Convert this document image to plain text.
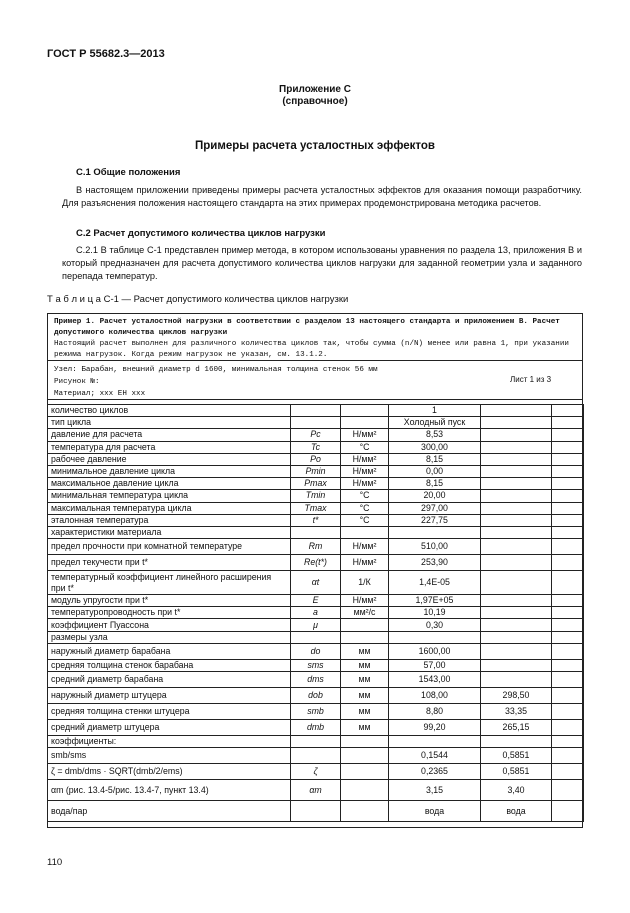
ГОСТ Р 55682.3—2013
Приложение С
(справочное)
Примеры расчета усталостных эффектов
С.1 Общие положения
В настоящем приложении приведены примеры расчета усталостных эффектов для оказания помощи разработчику. Для разъяснения положения настоящего стандарта на этих примерах продемонстрирована методика расчетов.
С.2 Расчет допустимого количества циклов нагрузки
С.2.1 В таблице С-1 представлен пример метода, в котором использованы уравнения по раздела 13, приложения В и который предназначен для расчета допустимого количества циклов нагрузки для заданной геометрии узла и заданного перепада температур.
Т а б л и ц а С-1 — Расчет допустимого количества циклов нагрузки
Пример 1. Расчет усталостной нагрузки в соответствии с разделом 13 настоящего стандарта и приложением В. Расчет допустимого количества циклов нагрузки
Настоящий расчет выполнен для различного количества циклов так, чтобы сумма (n/N) менее или равна 1, при указании режима нагрузок. Когда режим нагрузок не указан, см. 13.1.2.
Узел: Барабан, внешний диаметр d 1600, минимальная толщина стенок 56 мм
Рисунок №:
Материал; ххх ЕН ххх
Лист 1 из 3
количество циклов			1		
тип цикла			Холодный пуск		
давление для расчета	Pc	Н/мм²	8,53		
температура для расчета	Tc	°С	300,00		
рабочее давление	Po	Н/мм²	8,15		
минимальное давление цикла	Pmin	Н/мм²	0,00		
максимальное давление цикла	Pmax	Н/мм²	8,15		
минимальная температура цикла	Tmin	°С	20,00		
максимальная температура цикла	Tmax	°С	297,00		
эталонная температура	t*	°С	227,75		
характеристики материала					
предел прочности при комнатной температуре	Rm	Н/мм²	510,00		
предел текучести при t*	Re(t*)	Н/мм²	253,90		
температурный коэффициент линейного расширения при t*	αt	1/К	1,4Е-05		
модуль упругости при t*	E	Н/мм²	1,97Е+05		
температуропроводность при t*	a	мм²/с	10,19		
коэффициент Пуассона	μ		0,30		
размеры узла					
наружный диаметр барабана	do	мм	1600,00		
средняя толщина стенок барабана	sms	мм	57,00		
средний диаметр барабана	dms	мм	1543,00		
наружный диаметр штуцера	dob	мм	108,00	298,50	
средняя толщина стенки штуцера	smb	мм	8,80	33,35	
средний диаметр штуцера	dmb	мм	99,20	265,15	
коэффициенты:					
smb/sms			0,1544	0,5851	
ζ = dmb/dms · SQRT(dmb/2/ems)	ζ		0,2365	0,5851	
αm (рис. 13.4-5/рис. 13.4-7, пункт 13.4)	αm		3,15	3,40	
вода/пар			вода	вода	
110
